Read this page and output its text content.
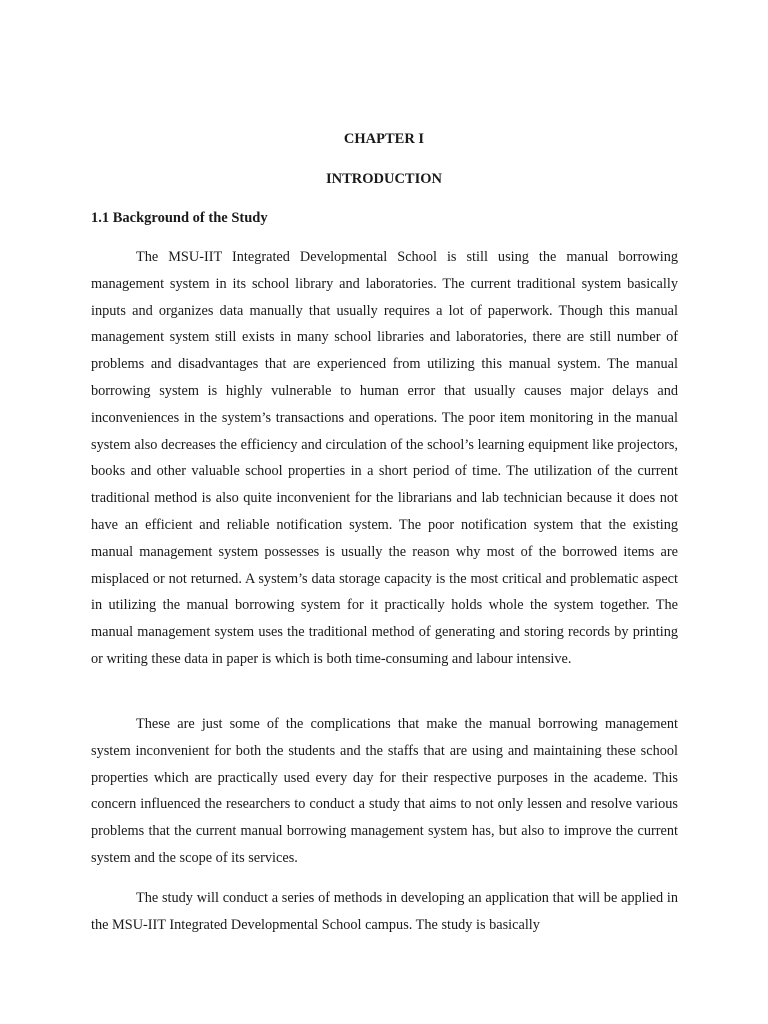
CHAPTER I
INTRODUCTION
1.1 Background of the Study

The MSU-IIT Integrated Developmental School is still using the manual borrowing management system in its school library and laboratories. The current traditional system basically inputs and organizes data manually that usually requires a lot of paperwork. Though this manual management system still exists in many school libraries and laboratories, there are still number of problems and disadvantages that are experienced from utilizing this manual system. The manual borrowing system is highly vulnerable to human error that usually causes major delays and inconveniences in the system’s transactions and operations. The poor item monitoring in the manual system also decreases the efficiency and circulation of the school’s learning equipment like projectors, books and other valuable school properties in a short period of time. The utilization of the current traditional method is also quite inconvenient for the librarians and lab technician because it does not have an efficient and reliable notification system. The poor notification system that the existing manual management system possesses is usually the reason why most of the borrowed items are misplaced or not returned. A system’s data storage capacity is the most critical and problematic aspect in utilizing the manual borrowing system for it practically holds whole the system together. The manual management system uses the traditional method of generating and storing records by printing or writing these data in paper is which is both time-consuming and labour intensive.

These are just some of the complications that make the manual borrowing management system inconvenient for both the students and the staffs that are using and maintaining these school properties which are practically used every day for their respective purposes in the academe. This concern influenced the researchers to conduct a study that aims to not only lessen and resolve various problems that the current manual borrowing management system has, but also to improve the current system and the scope of its services.

The study will conduct a series of methods in developing an application that will be applied in the MSU-IIT Integrated Developmental School campus. The study is basically
